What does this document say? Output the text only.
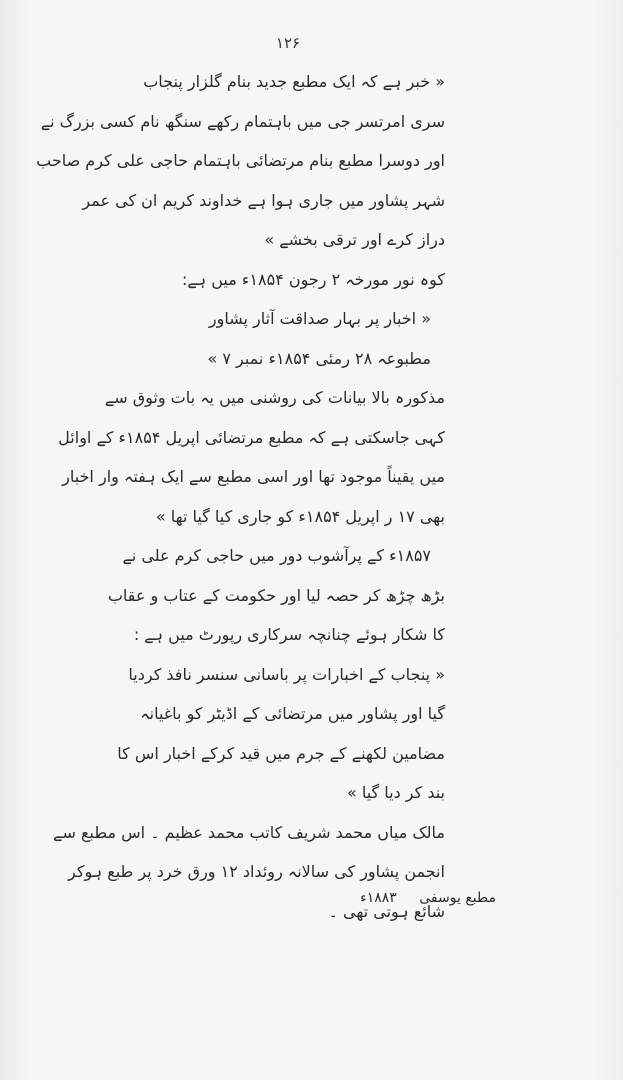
۱۲۶
« خبر ہے کہ ایک مطبع جدید بنام گلزار پنجاب
سری امرتسر جی میں باہتمام رکھے سنگھ نام کسی بزرگ نے
اور دوسرا مطبع بنام مرتضائی باہتمام حاجی علی کرم صاحب
شہر پشاور میں جاری ہوا ہے خداوند کریم ان کی عمر
دراز کرے اور ترقی بخشے »
کوہ نور مورخہ ۲ رجون ۱۸۵۴ء میں ہے:
« اخبار پر بہار صداقت آثار پشاور
مطبوعہ ۲۸ رمئی ۱۸۵۴ء نمبر ۷ »
مذکورہ بالا بیانات کی روشنی میں یہ بات وثوق سے
کہی جاسکتی ہے کہ مطبع مرتضائی اپریل ۱۸۵۴ء کے اوائل
میں یقیناً موجود تھا اور اسی مطبع سے ایک ہفتہ وار اخبار
بھی ۱۷ ر اپریل ۱۸۵۴ء کو جاری کیا گیا تھا »
۱۸۵۷ء کے پرآشوب دور میں حاجی کرم علی نے
بڑھ چڑھ کر حصہ لیا اور حکومت کے عتاب و عقاب
کا شکار ہوئے چنانچہ سرکاری رپورٹ میں ہے :
« پنجاب کے اخبارات پر باسانی سنسر نافذ کردیا
گیا اور پشاور میں مرتضائی کے اڈیٹر کو باغیانہ
مضامین لکھنے کے جرم میں قید کرکے اخبار اس کا
بند کر دیا گیا »
مالک میاں محمد شریف کاتب محمد عظیم ۔ اس مطبع سے
انجمن پشاور کی سالانہ روئداد ۱۲ ورق خرد پر طبع ہوکر
شائع ہوتی تھی ۔
مطبع یوسفی ۱۸۸۳ء
